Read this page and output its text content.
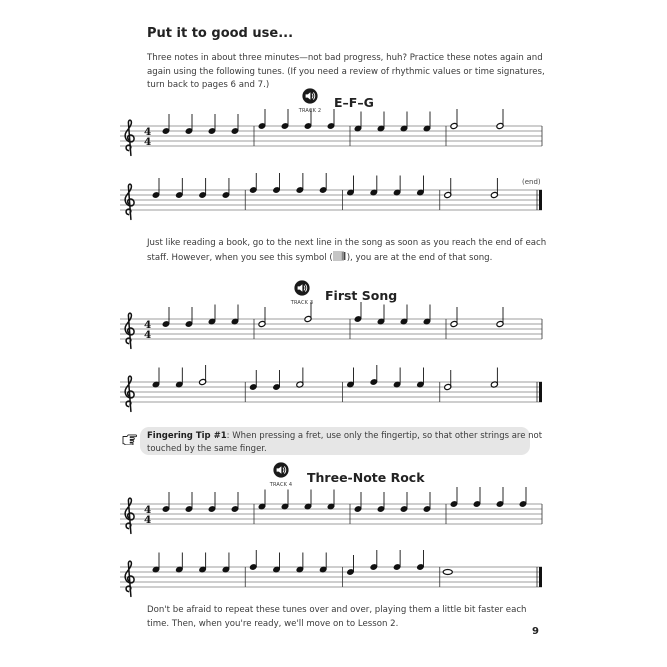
Put it to good use...

Three notes in about three minutes—not bad progress, huh? Practice these notes again and

again using the following tunes. (If you need a review of rhythmic values or time signatures,

turn back to pages 6 and 7.)

TRACK 2
E–F–G
4
4
(end)

Just like reading a book, go to the next line in the song as soon as you reach the end of each

staff. However, when you see this symbol ( ), you are at the end of that song.

TRACK 3 First Song
4
4

Fingering Tip #1: When pressing a fret, use only the fingertip, so that other strings are not

touched by the same finger.

TRACK 4	Three-Note Rock
4
4

Don't be afraid to repeat these tunes over and over, playing them a little bit faster each

time. Then, when you're ready, we'll move on to Lesson 2.

9
